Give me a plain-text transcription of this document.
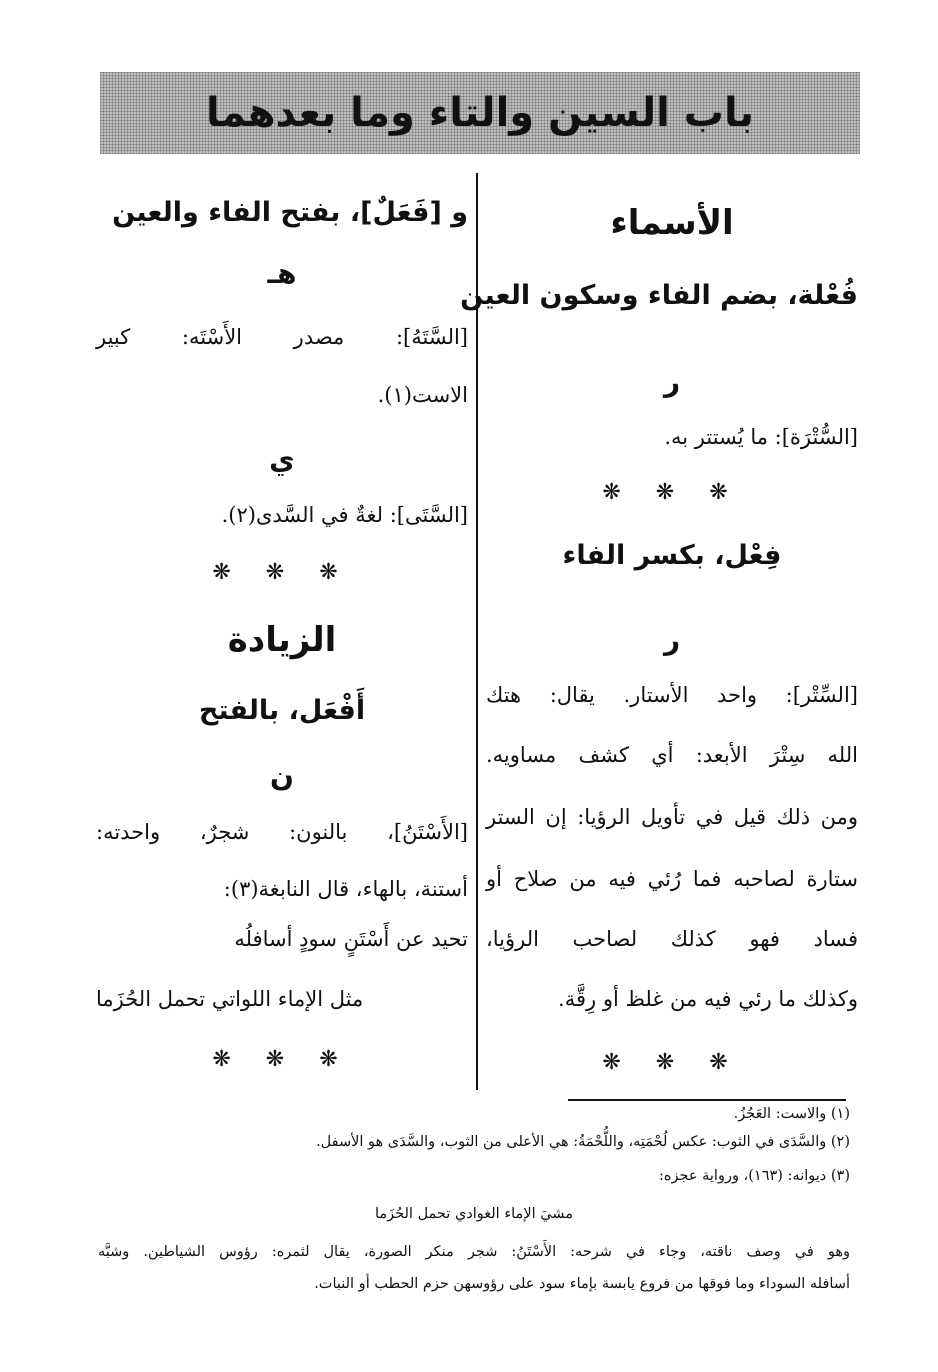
باب السين والتاء وما بعدهما
الأسماء
فُعْلة، بضم الفاء وسكون العين
ر
[السُّتْرَة]: ما يُستتر به.
❋ ❋ ❋
فِعْل، بكسر الفاء
ر
[السِّتْر]: واحد الأستار. يقال: هتك
الله سِتْرَ الأبعد: أي كشف مساويه.
ومن ذلك قيل في تأويل الرؤيا: إن الستر
ستارة لصاحبه فما رُئي فيه من صلاح أو
فساد فهو كذلك لصاحب الرؤيا،
وكذلك ما رئي فيه من غلظ أو رِقَّة.
❋ ❋ ❋
و [فَعَلٌ]، بفتح الفاء والعين
هـ
[السَّتَهُ]: مصدر الأَسْتَه: كبير
الاست(١).
ي
[السَّتَى]: لغةٌ في السَّدى(٢).
❋ ❋ ❋
الزيادة
أَفْعَل، بالفتح
ن
[الأَسْتَنُ]، بالنون: شجرٌ، واحدته:
أستنة، بالهاء، قال النابغة(٣):
تحيد عن أَسْتَنٍ سودٍ أسافلُه
مثل الإماء اللواتي تحمل الحُزَما
❋ ❋ ❋
(١) والاست: العَجُزُ.
(٢) والسَّدَى في الثوب: عكس لُحْمَتِه، واللُّحْمَةُ: هي الأعلى من الثوب، والسَّدَى هو الأسفل.
(٣) ديوانه: (١٦٣)، ورواية عجزه:
مشيَ الإماء الغوادي تحمل الحُزَما
وهو في وصف ناقته، وجاء في شرحه: الأَسْتَنُ: شجر منكر الصورة، يقال لثمره: رؤوس الشياطين. وشبَّه
أسافله السوداء وما فوقها من فروع يابسة بإماء سود على رؤوسهن حزم الحطب أو النبات.
